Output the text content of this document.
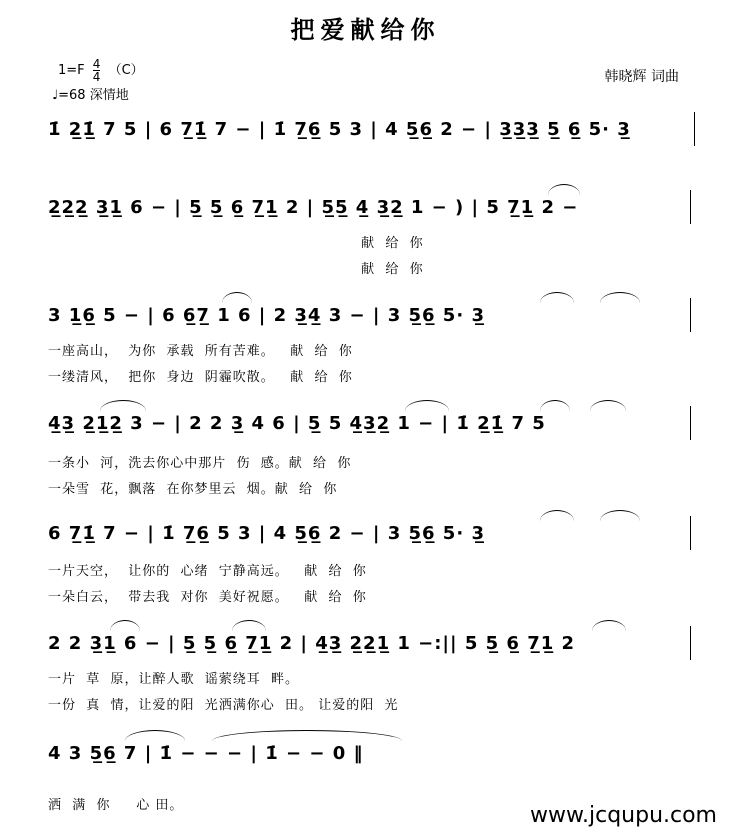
把爱献给你
$1=F \frac{4}{4} (C)$
♩=68 深情地
韩晓辉 词曲
1̇ 2̲1̲̇ 7 5 | 6 7̲1̲̇ 7 − | 1̇ 7̲6̲ 5 3 | 4 5̲6̲ 2 − | 3̲3̲3̲ 5̲ 6̲ 5· 3̲
2̲2̲2̲ 3̲1̲ 6 − | 5̲ 5̲ 6̲ 7̲1̲ 2 | 5̲5̲ 4̲ 3̲2̲ 1 − ) | 5 7̲1̲ 2 −
献  给  你
献  给  你
3 1̲6̲ 5 − | 6 6̲7̲ 1 6 | 2 3̲4̲ 3 − | 3 5̲6̲ 5· 3̲
一座高山，  为你  承载  所有苦难。   献  给  你
一缕清风，  把你  身边  阴霾吹散。   献  给  你
4̲3̲ 2̲1̲2̲ 3 − | 2 2 3̲ 4 6 | 5̲ 5 4̲3̲2̲ 1 − | 1̇ 2̲1̲̇ 7 5
一条小  河，洗去你心中那片  伤  感。献  给  你
一朵雪  花，飘落  在你梦里云  烟。献  给  你
6 7̲1̲̇ 7 − | 1̇ 7̲6̲ 5 3 | 4 5̲6̲ 2 − | 3 5̲6̲ 5· 3̲
一片天空，  让你的  心绪  宁静高远。   献  给  你
一朵白云，  带去我  对你  美好祝愿。   献  给  你
2 2 3̲1̲ 6 − | 5̲ 5̲ 6̲ 7̲1̲ 2 | 4̲3̲ 2̲2̲1̲ 1 −:|| 5 5̲ 6̲ 7̲1̲ 2
一片  草  原，让醉人歌  谣萦绕耳  畔。
一份  真  情，让爱的阳  光洒满你心  田。 让爱的阳  光
4 3 5̲6̲ 7 | 1̇ − − − | 1̇ − − 0 ‖
洒  满  你     心 田。	www.jcqupu.com
